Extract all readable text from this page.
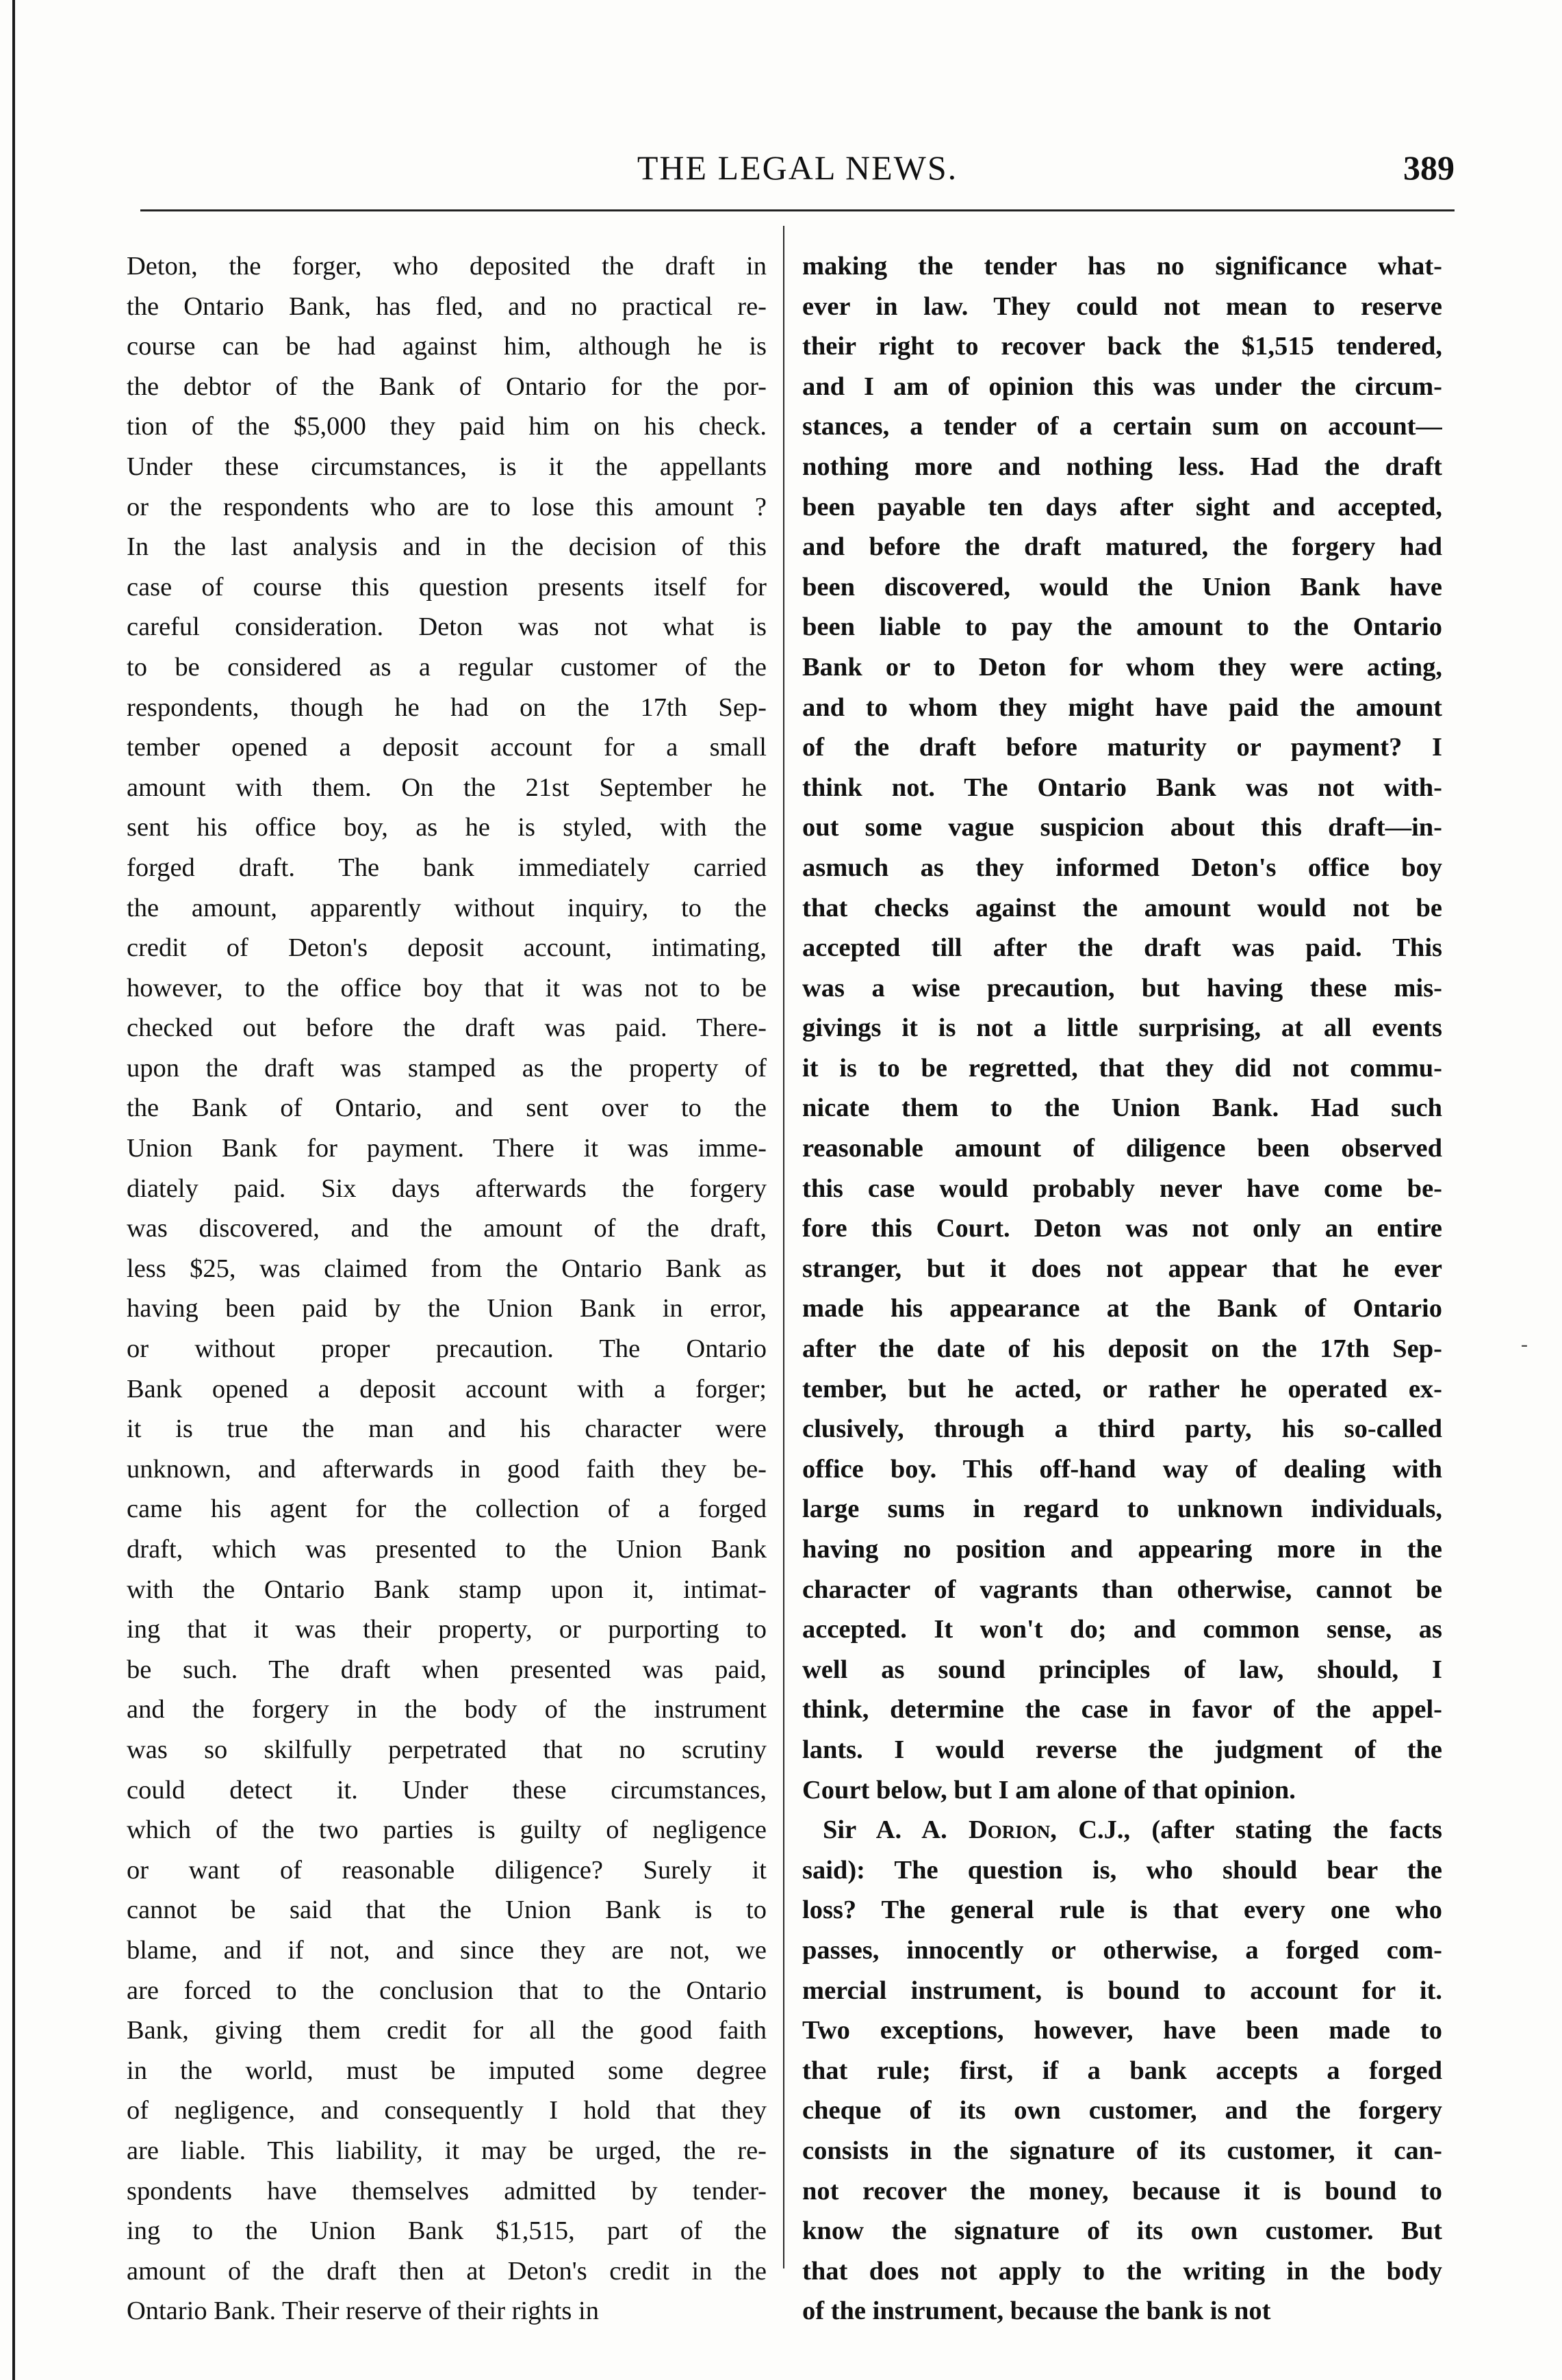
THE LEGAL NEWS.	389
Deton, the forger, who deposited the draft in
the Ontario Bank, has fled, and no practical re-
course can be had against him, although he is
the debtor of the Bank of Ontario for the por-
tion of the $5,000 they paid him on his check.
Under these circumstances, is it the appellants
or the respondents who are to lose this amount ?
In the last analysis and in the decision of this
case of course this question presents itself for
careful consideration. Deton was not what is
to be considered as a regular customer of the
respondents, though he had on the 17th Sep-
tember opened a deposit account for a small
amount with them. On the 21st September he
sent his office boy, as he is styled, with the
forged draft. The bank immediately carried
the amount, apparently without inquiry, to the
credit of Deton's deposit account, intimating,
however, to the office boy that it was not to be
checked out before the draft was paid. There-
upon the draft was stamped as the property of
the Bank of Ontario, and sent over to the
Union Bank for payment. There it was imme-
diately paid. Six days afterwards the forgery
was discovered, and the amount of the draft,
less $25, was claimed from the Ontario Bank as
having been paid by the Union Bank in error,
or without proper precaution. The Ontario
Bank opened a deposit account with a forger;
it is true the man and his character were
unknown, and afterwards in good faith they be-
came his agent for the collection of a forged
draft, which was presented to the Union Bank
with the Ontario Bank stamp upon it, intimat-
ing that it was their property, or purporting to
be such. The draft when presented was paid,
and the forgery in the body of the instrument
was so skilfully perpetrated that no scrutiny
could detect it. Under these circumstances,
which of the two parties is guilty of negligence
or want of reasonable diligence? Surely it
cannot be said that the Union Bank is to
blame, and if not, and since they are not, we
are forced to the conclusion that to the Ontario
Bank, giving them credit for all the good faith
in the world, must be imputed some degree
of negligence, and consequently I hold that they
are liable. This liability, it may be urged, the re-
spondents have themselves admitted by tender-
ing to the Union Bank $1,515, part of the
amount of the draft then at Deton's credit in the
Ontario Bank. Their reserve of their rights in
making the tender has no significance what-
ever in law. They could not mean to reserve
their right to recover back the $1,515 tendered,
and I am of opinion this was under the circum-
stances, a tender of a certain sum on account—
nothing more and nothing less. Had the draft
been payable ten days after sight and accepted,
and before the draft matured, the forgery had
been discovered, would the Union Bank have
been liable to pay the amount to the Ontario
Bank or to Deton for whom they were acting,
and to whom they might have paid the amount
of the draft before maturity or payment? I
think not. The Ontario Bank was not with-
out some vague suspicion about this draft—in-
asmuch as they informed Deton's office boy
that checks against the amount would not be
accepted till after the draft was paid. This
was a wise precaution, but having these mis-
givings it is not a little surprising, at all events
it is to be regretted, that they did not commu-
nicate them to the Union Bank. Had such
reasonable amount of diligence been observed
this case would probably never have come be-
fore this Court. Deton was not only an entire
stranger, but it does not appear that he ever
made his appearance at the Bank of Ontario
after the date of his deposit on the 17th Sep-
tember, but he acted, or rather he operated ex-
clusively, through a third party, his so-called
office boy. This off-hand way of dealing with
large sums in regard to unknown individuals,
having no position and appearing more in the
character of vagrants than otherwise, cannot be
accepted. It won't do; and common sense, as
well as sound principles of law, should, I
think, determine the case in favor of the appel-
lants. I would reverse the judgment of the
Court below, but I am alone of that opinion.
Sir A. A. Dorion, C.J., (after stating the facts
said): The question is, who should bear the
loss? The general rule is that every one who
passes, innocently or otherwise, a forged com-
mercial instrument, is bound to account for it.
Two exceptions, however, have been made to
that rule; first, if a bank accepts a forged
cheque of its own customer, and the forgery
consists in the signature of its customer, it can-
not recover the money, because it is bound to
know the signature of its own customer. But
that does not apply to the writing in the body
of the instrument, because the bank is not
‐
